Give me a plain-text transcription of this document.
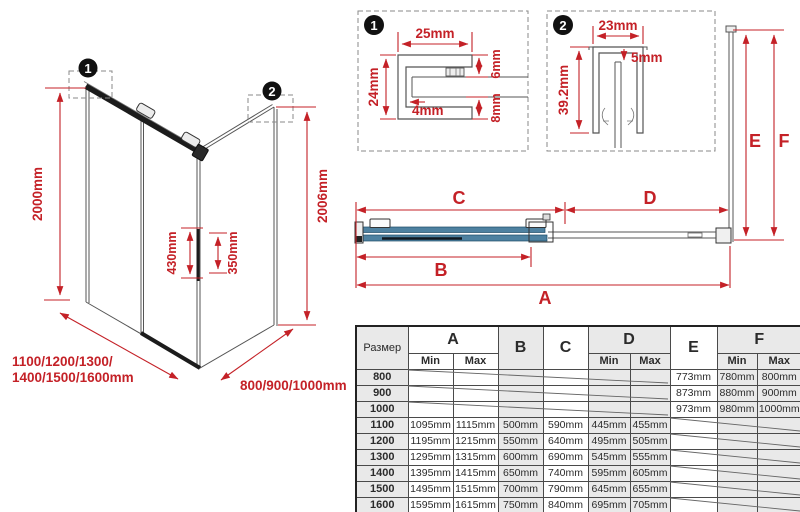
1
2
2000mm	2006mm
430mm	350mm
1100/1200/1300/
1400/1500/1600mm
800/900/1000mm
1
25mm
24mm
4mm
6mm
8mm
2 23mm
5mm
39.2mm
C	D
B
A
E F
Размер	A		B	C	D		E	F	
	Min	Max			Min	Max		Min	Max
800							773mm	780mm	800mm
900							873mm	880mm	900mm
1000							973mm	980mm	1000mm
1100	1095mm	1115mm	500mm	590mm	445mm	455mm			
1200	1195mm	1215mm	550mm	640mm	495mm	505mm			
1300	1295mm	1315mm	600mm	690mm	545mm	555mm			
1400	1395mm	1415mm	650mm	740mm	595mm	605mm			
1500	1495mm	1515mm	700mm	790mm	645mm	655mm			
1600	1595mm	1615mm	750mm	840mm	695mm	705mm			
